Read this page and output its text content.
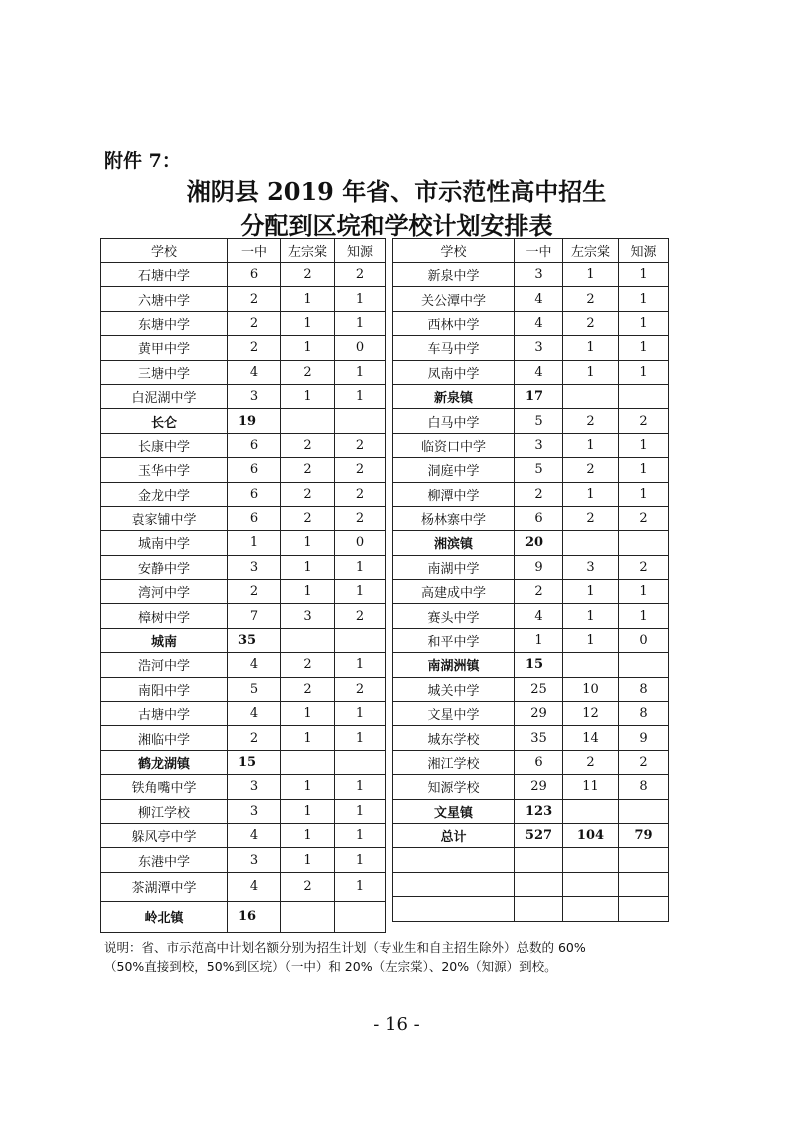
附件 7：
湘阴县 2019 年省、市示范性高中招生
分配到区垸和学校计划安排表
学校	一中	左宗棠	知源
石塘中学	6	2	2
六塘中学	2	1	1
东塘中学	2	1	1
黄甲中学	2	1	0
三塘中学	4	2	1
白泥湖中学	3	1	1
长仑	19		
长康中学	6	2	2
玉华中学	6	2	2
金龙中学	6	2	2
袁家铺中学	6	2	2
城南中学	1	1	0
安静中学	3	1	1
湾河中学	2	1	1
樟树中学	7	3	2
城南	35		
浩河中学	4	2	1
南阳中学	5	2	2
古塘中学	4	1	1
湘临中学	2	1	1
鹤龙湖镇	15		
铁角嘴中学	3	1	1
柳江学校	3	1	1
躲风亭中学	4	1	1
东港中学	3	1	1
茶湖潭中学	4	2	1
岭北镇	16		
学校	一中	左宗棠	知源
新泉中学	3	1	1
关公潭中学	4	2	1
西林中学	4	2	1
车马中学	3	1	1
凤南中学	4	1	1
新泉镇	17		
白马中学	5	2	2
临资口中学	3	1	1
洞庭中学	5	2	1
柳潭中学	2	1	1
杨林寨中学	6	2	2
湘滨镇	20		
南湖中学	9	3	2
高建成中学	2	1	1
赛头中学	4	1	1
和平中学	1	1	0
南湖洲镇	15		
城关中学	25	10	8
文星中学	29	12	8
城东学校	35	14	9
湘江学校	6	2	2
知源学校	29	11	8
文星镇	123		
总计	527	104	79

说明：省、市示范高中计划名额分别为招生计划（专业生和自主招生除外）总数的 60%
（50%直接到校，50%到区垸）（一中）和 20%（左宗棠）、20%（知源）到校。
- 16 -
